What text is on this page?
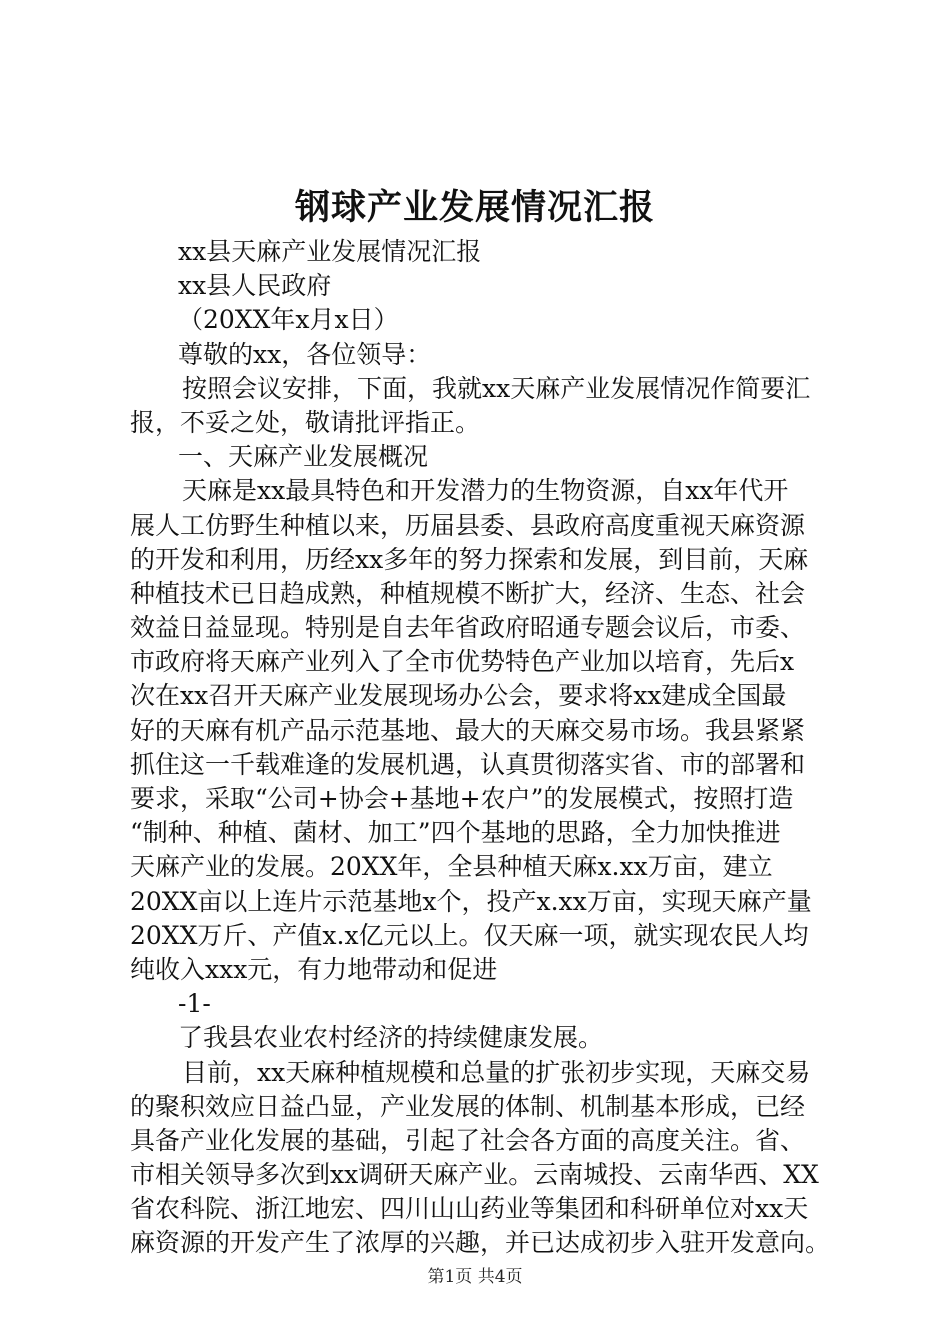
钢球产业发展情况汇报

xx县天麻产业发展情况汇报

xx县人民政府

（20XX年x月x日）

尊敬的xx，各位领导：

按照会议安排，下面，我就xx天麻产业发展情况作简要汇

报，不妥之处，敬请批评指正。

一、天麻产业发展概况

天麻是xx最具特色和开发潜力的生物资源，自xx年代开

展人工仿野生种植以来，历届县委、县政府高度重视天麻资源

的开发和利用，历经xx多年的努力探索和发展，到目前，天麻

种植技术已日趋成熟，种植规模不断扩大，经济、生态、社会

效益日益显现。特别是自去年省政府昭通专题会议后，市委、

市政府将天麻产业列入了全市优势特色产业加以培育，先后x

次在xx召开天麻产业发展现场办公会，要求将xx建成全国最

好的天麻有机产品示范基地、最大的天麻交易市场。我县紧紧

抓住这一千载难逢的发展机遇，认真贯彻落实省、市的部署和

要求，采取“公司+协会+基地+农户”的发展模式，按照打造

“制种、种植、菌材、加工”四个基地的思路，全力加快推进

天麻产业的发展。20XX年，全县种植天麻x.xx万亩，建立

20XX亩以上连片示范基地x个，投产x.xx万亩，实现天麻产量

20XX万斤、产值x.x亿元以上。仅天麻一项，就实现农民人均

纯收入xxx元，有力地带动和促进

-1-

了我县农业农村经济的持续健康发展。

目前，xx天麻种植规模和总量的扩张初步实现，天麻交易

的聚积效应日益凸显，产业发展的体制、机制基本形成，已经

具备产业化发展的基础，引起了社会各方面的高度关注。省、

市相关领导多次到xx调研天麻产业。云南城投、云南华西、XX

省农科院、浙江地宏、四川山山药业等集团和科研单位对xx天

麻资源的开发产生了浓厚的兴趣，并已达成初步入驻开发意向。

第1页 共4页
